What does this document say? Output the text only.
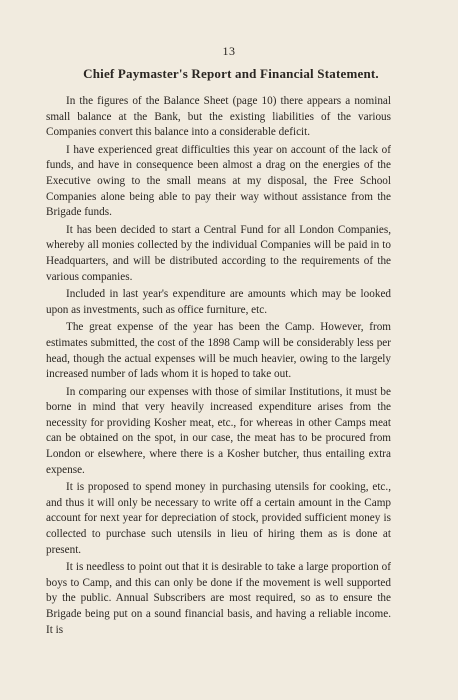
13
Chief Paymaster's Report and Financial Statement.

In the figures of the Balance Sheet (page 10) there appears a nominal small balance at the Bank, but the existing liabilities of the various Companies convert this balance into a considerable deficit.

I have experienced great difficulties this year on account of the lack of funds, and have in consequence been almost a drag on the energies of the Executive owing to the small means at my disposal, the Free School Companies alone being able to pay their way without assistance from the Brigade funds.

It has been decided to start a Central Fund for all London Companies, whereby all monies collected by the individual Companies will be paid in to Headquarters, and will be distributed according to the requirements of the various companies.

Included in last year's expenditure are amounts which may be looked upon as investments, such as office furniture, etc.

The great expense of the year has been the Camp. However, from estimates submitted, the cost of the 1898 Camp will be considerably less per head, though the actual expenses will be much heavier, owing to the largely increased number of lads whom it is hoped to take out.

In comparing our expenses with those of similar Institutions, it must be borne in mind that very heavily increased expenditure arises from the necessity for providing Kosher meat, etc., for whereas in other Camps meat can be obtained on the spot, in our case, the meat has to be procured from London or elsewhere, where there is a Kosher butcher, thus entailing extra expense.

It is proposed to spend money in purchasing utensils for cooking, etc., and thus it will only be necessary to write off a certain amount in the Camp account for next year for depreciation of stock, provided sufficient money is collected to purchase such utensils in lieu of hiring them as is done at present.

It is needless to point out that it is desirable to take a large proportion of boys to Camp, and this can only be done if the movement is well supported by the public. Annual Subscribers are most required, so as to ensure the Brigade being put on a sound financial basis, and having a reliable income. It is
